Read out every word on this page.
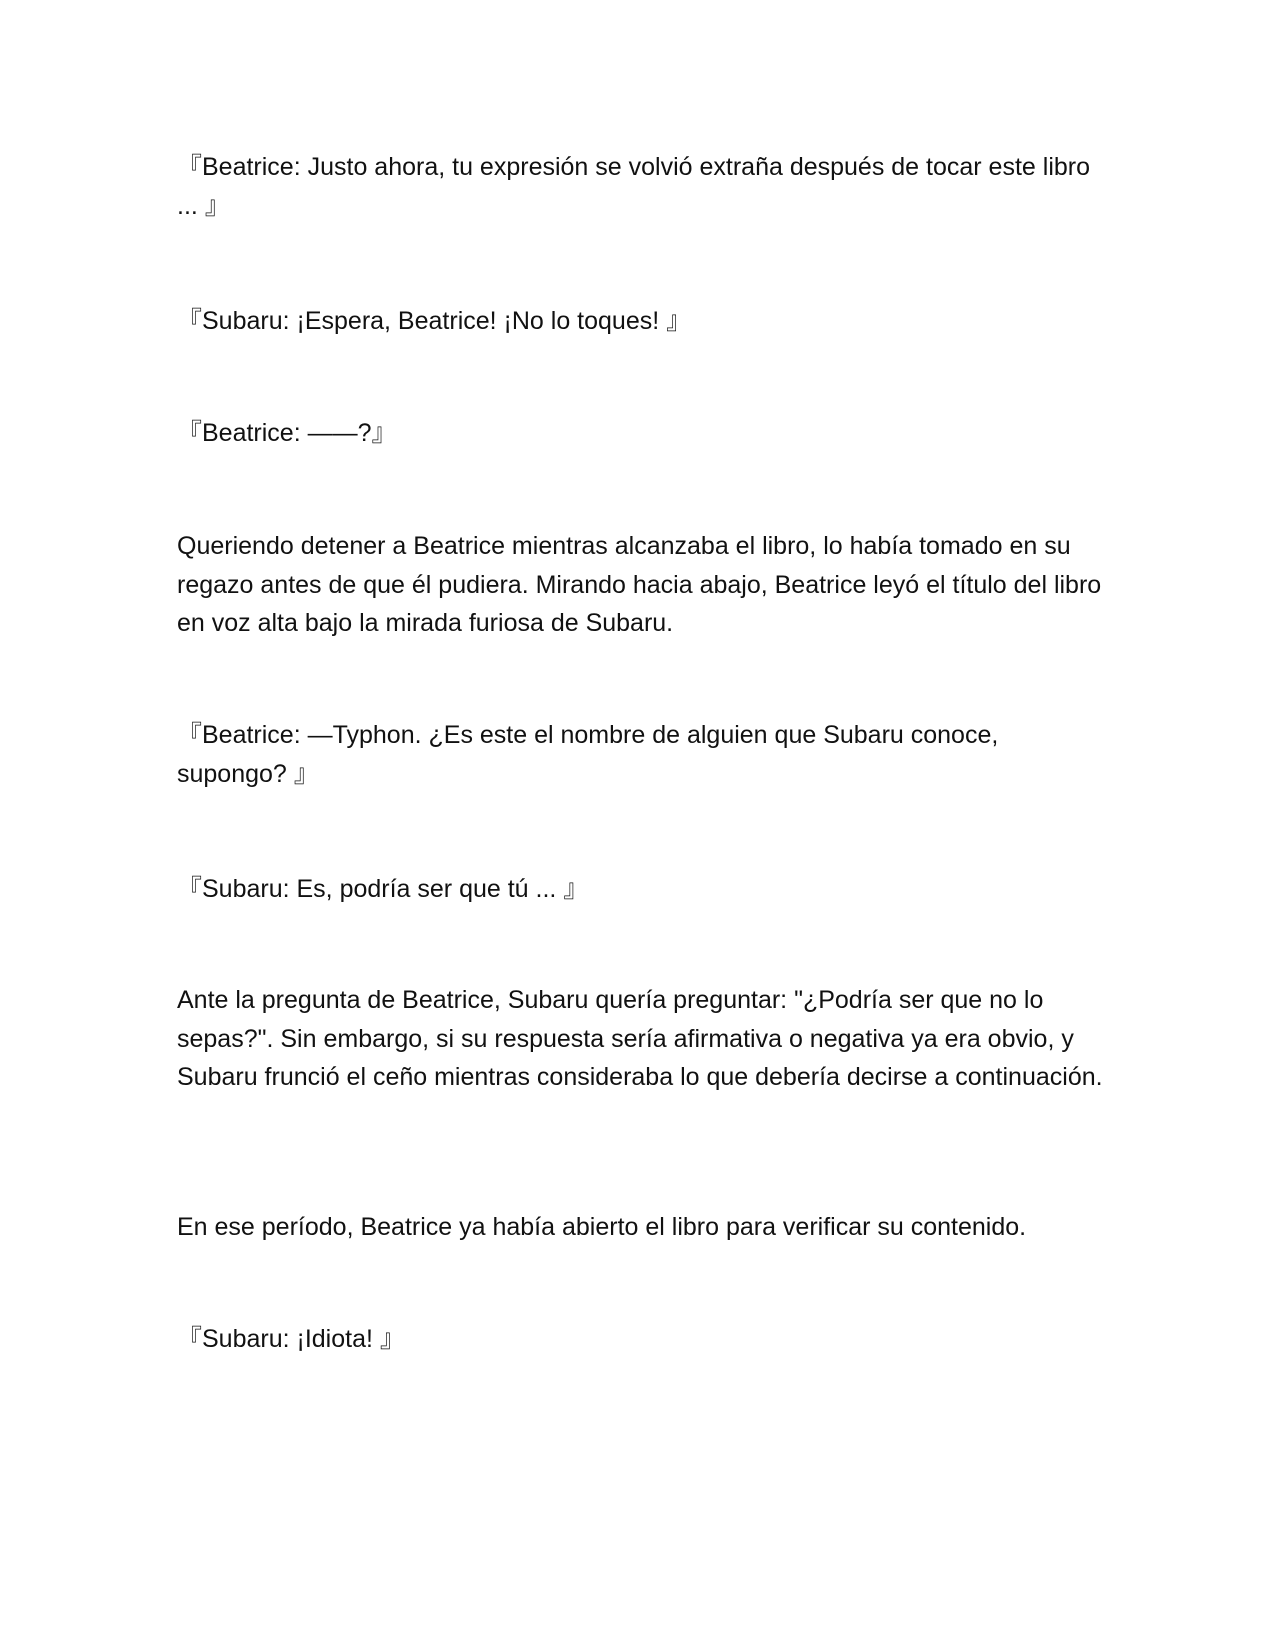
『Beatrice: Justo ahora, tu expresión se volvió extraña después de tocar este libro ... 』

『Subaru: ¡Espera, Beatrice! ¡No lo toques! 』

『Beatrice: ——?』

Queriendo detener a Beatrice mientras alcanzaba el libro, lo había tomado en su regazo antes de que él pudiera. Mirando hacia abajo, Beatrice leyó el título del libro en voz alta bajo la mirada furiosa de Subaru.

『Beatrice: —Typhon. ¿Es este el nombre de alguien que Subaru conoce, supongo? 』

『Subaru: Es, podría ser que tú ... 』

Ante la pregunta de Beatrice, Subaru quería preguntar: "¿Podría ser que no lo sepas?". Sin embargo, si su respuesta sería afirmativa o negativa ya era obvio, y Subaru frunció el ceño mientras consideraba lo que debería decirse a continuación.

En ese período, Beatrice ya había abierto el libro para verificar su contenido.

『Subaru: ¡Idiota! 』
